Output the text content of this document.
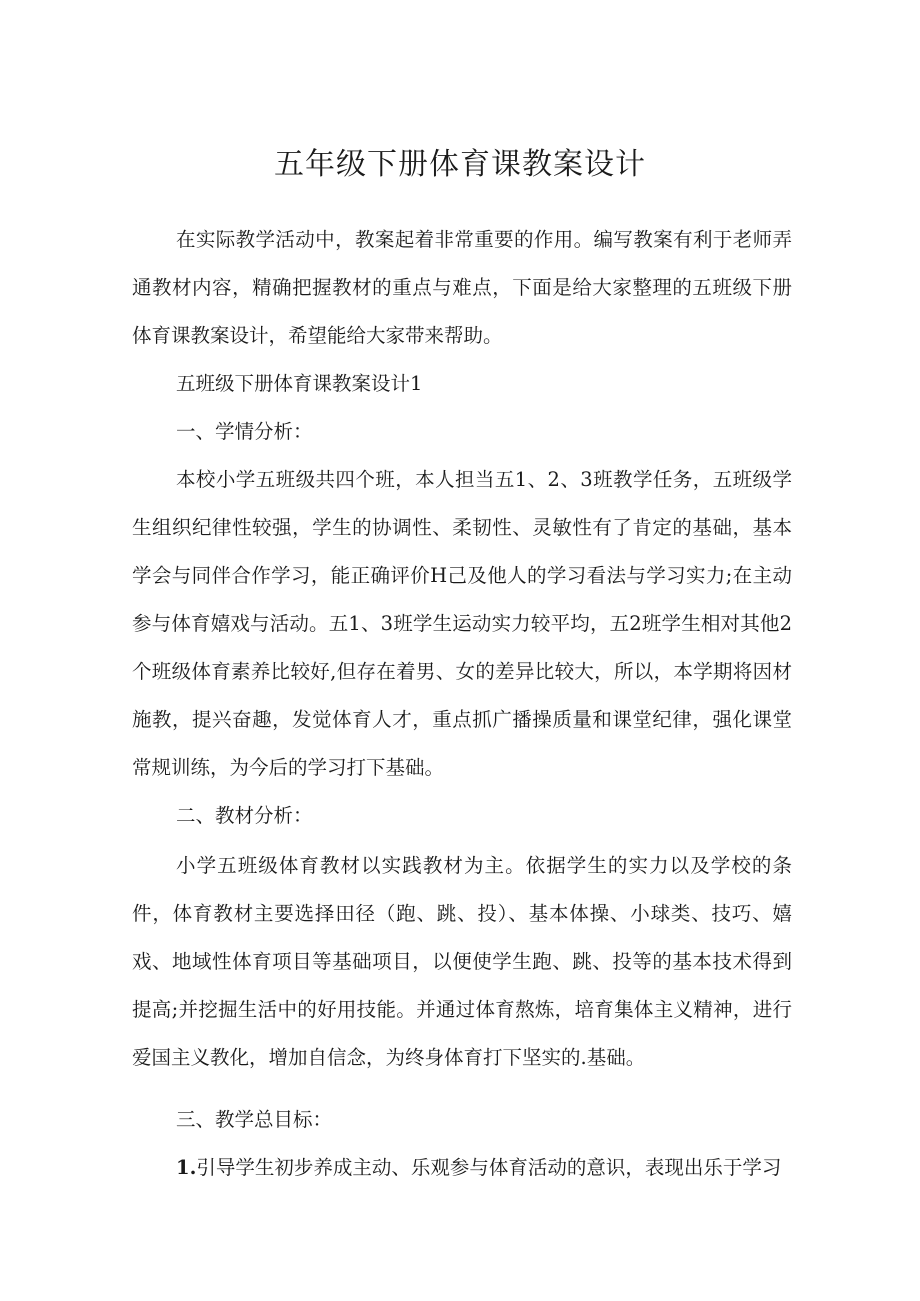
五年级下册体育课教案设计

在实际教学活动中，教案起着非常重要的作用。编写教案有利于老师弄通教材内容，精确把握教材的重点与难点，下面是给大家整理的五班级下册体育课教案设计，希望能给大家带来帮助。

五班级下册体育课教案设计1

一、学情分析：

本校小学五班级共四个班，本人担当五1、2、3班教学任务，五班级学生组织纪律性较强，学生的协调性、柔韧性、灵敏性有了肯定的基础，基本学会与同伴合作学习，能正确评价H己及他人的学习看法与学习实力;在主动参与体育嬉戏与活动。五1、3班学生运动实力较平均，五2班学生相对其他2个班级体育素养比较好,但存在着男、女的差异比较大，所以，本学期将因材施教，提兴奋趣，发觉体育人才，重点抓广播操质量和课堂纪律，强化课堂常规训练，为今后的学习打下基础。

二、教材分析：

小学五班级体育教材以实践教材为主。依据学生的实力以及学校的条件，体育教材主要选择田径（跑、跳、投）、基本体操、小球类、技巧、嬉戏、地域性体育项目等基础项目，以便使学生跑、跳、投等的基本技术得到提高;并挖掘生活中的好用技能。并通过体育熬炼，培育集体主义精神，进行爱国主义教化，增加自信念，为终身体育打下坚实的.基础。

三、教学总目标：

1.引导学生初步养成主动、乐观参与体育活动的意识，表现出乐于学习
